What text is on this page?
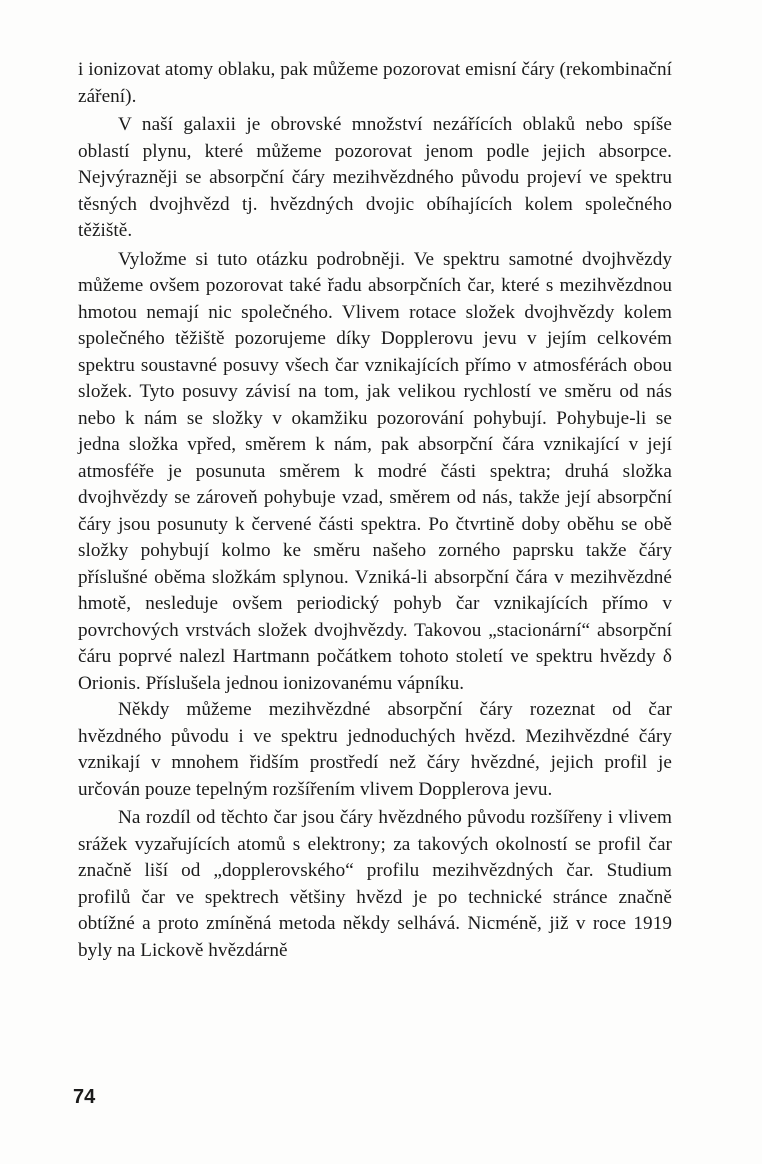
i ionizovat atomy oblaku, pak můžeme pozorovat emisní čáry (rekombinační záření).

V naší galaxii je obrovské množství nezářících oblaků nebo spíše oblastí plynu, které můžeme pozorovat jenom podle jejich absorpce. Nejvýrazněji se absorpční čáry mezihvězdného původu projeví ve spektru těsných dvojhvězd tj. hvězdných dvojic obíhajících kolem společného těžiště.

Vyložme si tuto otázku podrobněji. Ve spektru samotné dvojhvězdy můžeme ovšem pozorovat také řadu absorpčních čar, které s mezihvězdnou hmotou nemají nic společného. Vlivem rotace složek dvojhvězdy kolem společného těžiště pozorujeme díky Dopplerovu jevu v jejím celkovém spektru soustavné posuvy všech čar vznikajících přímo v atmosférách obou složek. Tyto posuvy závisí na tom, jak velikou rychlostí ve směru od nás nebo k nám se složky v okamžiku pozorování pohybují. Pohybuje-li se jedna složka vpřed, směrem k nám, pak absorpční čára vznikající v její atmosféře je posunuta směrem k modré části spektra; druhá složka dvojhvězdy se zároveň pohybuje vzad, směrem od nás, takže její absorpční čáry jsou posunuty k červené části spektra. Po čtvrtině doby oběhu se obě složky pohybují kolmo ke směru našeho zorného paprsku takže čáry příslušné oběma složkám splynou. Vzniká-li absorpční čára v mezihvězdné hmotě, nesleduje ovšem periodický pohyb čar vznikajících přímo v povrchových vrstvách složek dvojhvězdy. Takovou „stacionární“ absorpční čáru poprvé nalezl Hartmann počátkem tohoto století ve spektru hvězdy δ Orionis. Příslušela jednou ionizovanému vápníku.

Někdy můžeme mezihvězdné absorpční čáry rozeznat od čar hvězdného původu i ve spektru jednoduchých hvězd. Mezihvězdné čáry vznikají v mnohem řidším prostředí než čáry hvězdné, jejich profil je určován pouze tepelným rozšířením vlivem Dopplerova jevu.

Na rozdíl od těchto čar jsou čáry hvězdného původu rozšířeny i vlivem srážek vyzařujících atomů s elektrony; za takových okolností se profil čar značně liší od „dopplerovského“ profilu mezihvězdných čar. Studium profilů čar ve spektrech většiny hvězd je po technické stránce značně obtížné a proto zmíněná metoda někdy selhává. Nicméně, již v roce 1919 byly na Lickově hvězdárně

74
